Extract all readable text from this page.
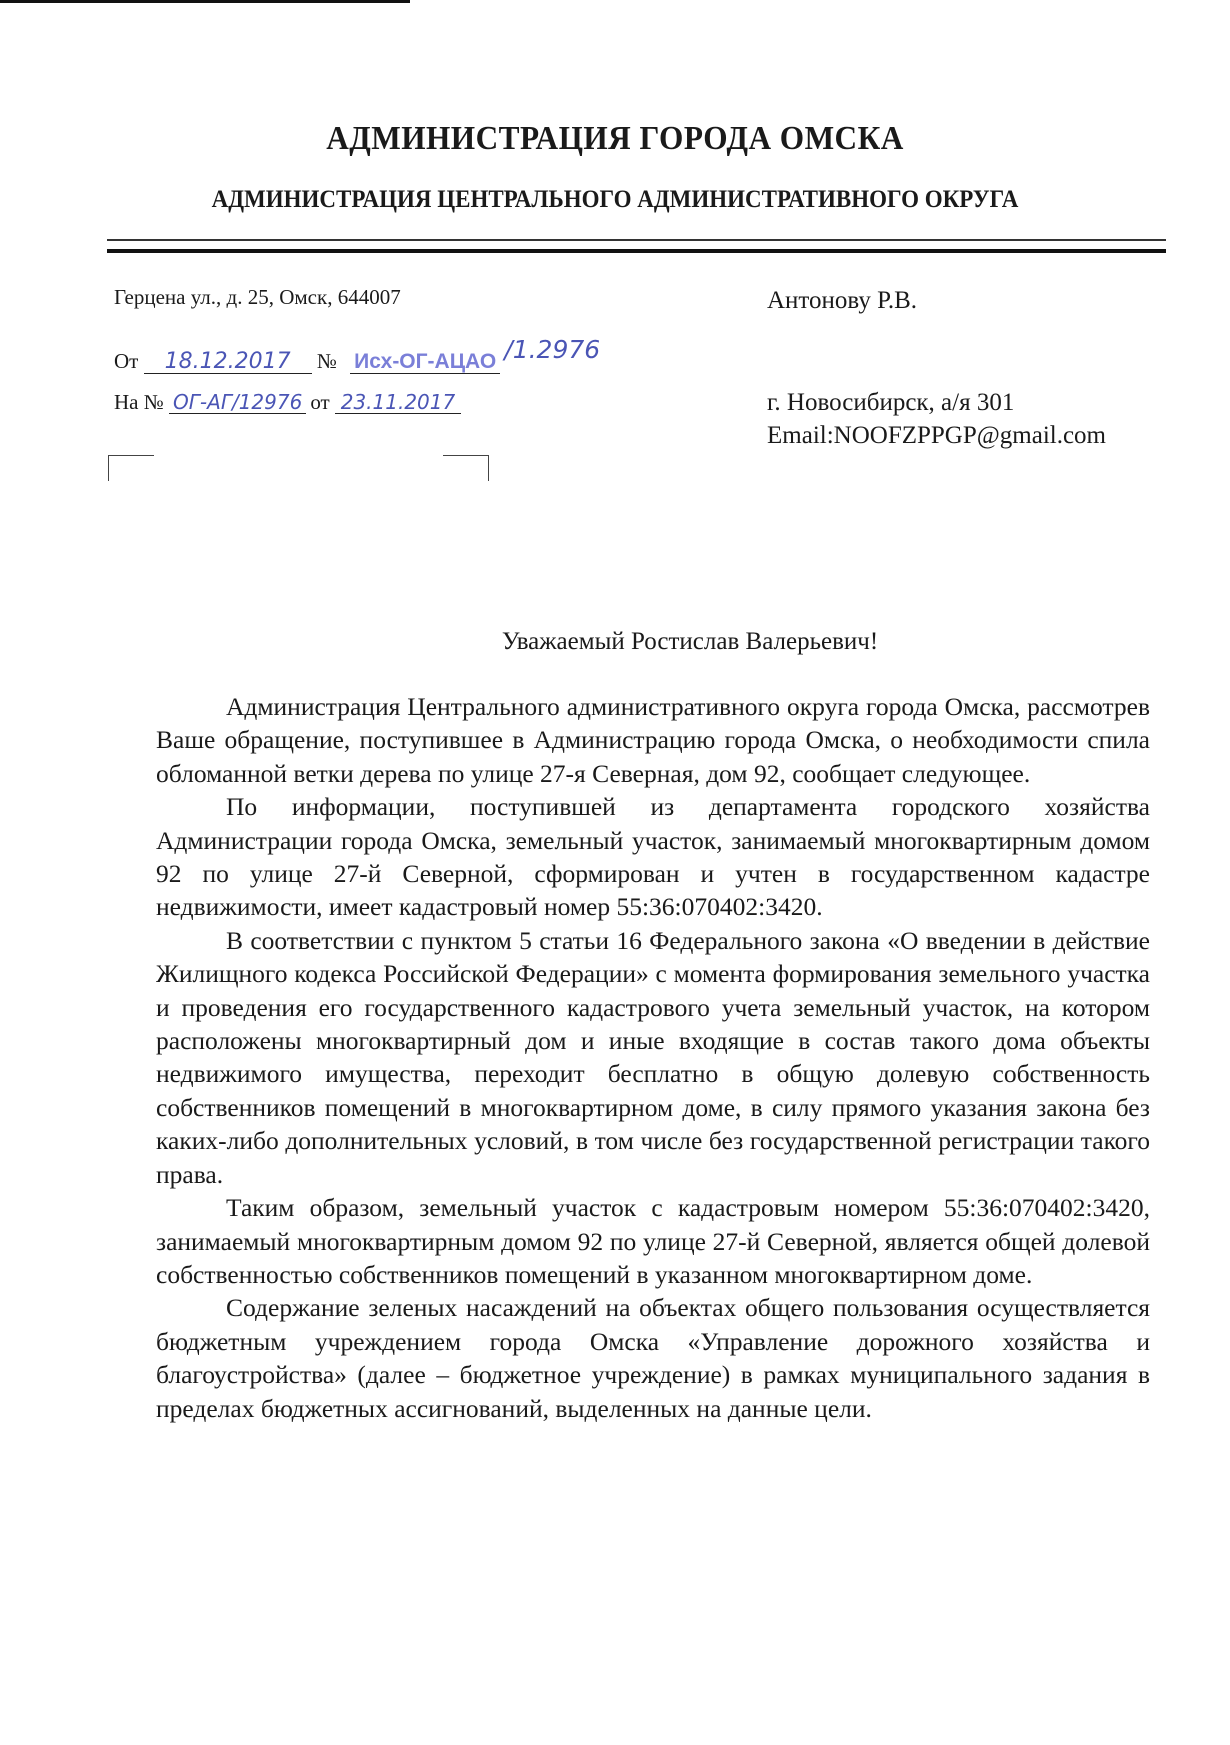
АДМИНИСТРАЦИЯ ГОРОДА ОМСКА
АДМИНИСТРАЦИЯ ЦЕНТРАЛЬНОГО АДМИНИСТРАТИВНОГО ОКРУГА
Герцена ул., д. 25, Омск, 644007
От 18.12.2017 № Исх-ОГ-АЦАО /1.2976
На № ОГ-АГ/12976 от 23.11.2017
Антонову Р.В.
г. Новосибирск, а/я 301
Email:NOOFZPPGP@gmail.com
Уважаемый Ростислав Валерьевич!

Администрация Центрального административного округа города Омска, рассмотрев Ваше обращение, поступившее в Администрацию города Омска, о необходимости спила обломанной ветки дерева по улице 27-я Северная, дом 92, сообщает следующее.

По информации, поступившей из департамента городского хозяйства Администрации города Омска, земельный участок, занимаемый многоквартирным домом 92 по улице 27-й Северной, сформирован и учтен в государственном кадастре недвижимости, имеет кадастровый номер 55:36:070402:3420.

В соответствии с пунктом 5 статьи 16 Федерального закона «О введении в действие Жилищного кодекса Российской Федерации» с момента формирования земельного участка и проведения его государственного кадастрового учета земельный участок, на котором расположены многоквартирный дом и иные входящие в состав такого дома объекты недвижимого имущества, переходит бесплатно в общую долевую собственность собственников помещений в многоквартирном доме, в силу прямого указания закона без каких-либо дополнительных условий, в том числе без государственной регистрации такого права.

Таким образом, земельный участок с кадастровым номером 55:36:070402:3420, занимаемый многоквартирным домом 92 по улице 27-й Северной, является общей долевой собственностью собственников помещений в указанном многоквартирном доме.

Содержание зеленых насаждений на объектах общего пользования осуществляется бюджетным учреждением города Омска «Управление дорожного хозяйства и благоустройства» (далее – бюджетное учреждение) в рамках муниципального задания в пределах бюджетных ассигнований, выделенных на данные цели.
